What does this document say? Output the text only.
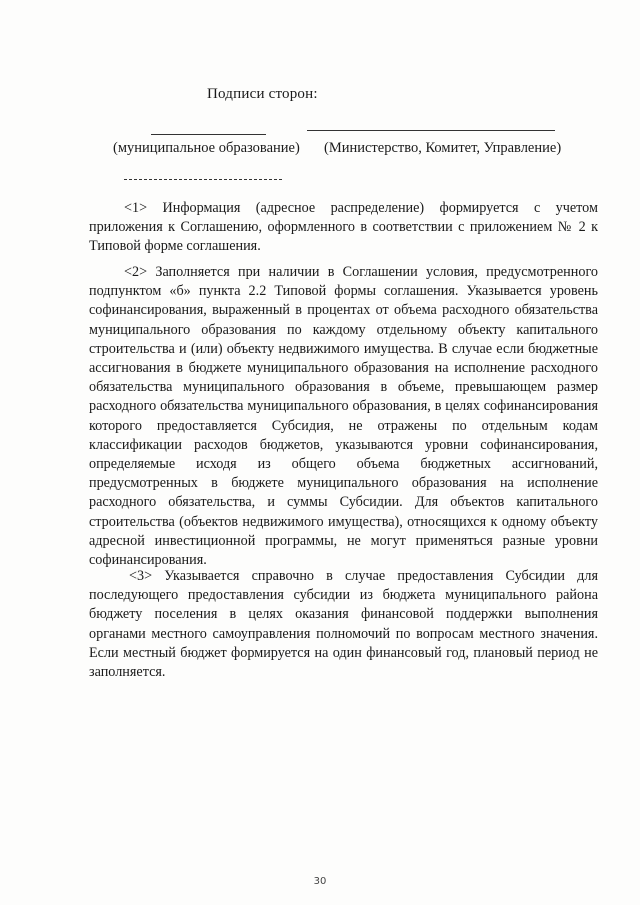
Подписи сторон:
(муниципальное образование) (Министерство, Комитет, Управление)

<1> Информация (адресное распределение) формируется с учетом приложения к Соглашению, оформленного в соответствии с приложением № 2 к Типовой форме соглашения.

<2> Заполняется при наличии в Соглашении условия, предусмотренного подпунктом «б» пункта 2.2 Типовой формы соглашения. Указывается уровень софинансирования, выраженный в процентах от объема расходного обязательства муниципального образования по каждому отдельному объекту капитального строительства и (или) объекту недвижимого имущества. В случае если бюджетные ассигнования в бюджете муниципального образования на исполнение расходного обязательства муниципального образования в объеме, превышающем размер расходного обязательства муниципального образования, в целях софинансирования которого предоставляется Субсидия, не отражены по отдельным кодам классификации расходов бюджетов, указываются уровни софинансирования, определяемые исходя из общего объема бюджетных ассигнований, предусмотренных в бюджете муниципального образования на исполнение расходного обязательства, и суммы Субсидии. Для объектов капитального строительства (объектов недвижимого имущества), относящихся к одному объекту адресной инвестиционной программы, не могут применяться разные уровни софинансирования.

<3> Указывается справочно в случае предоставления Субсидии для последующего предоставления субсидии из бюджета муниципального района бюджету поселения в целях оказания финансовой поддержки выполнения органами местного самоуправления полномочий по вопросам местного значения. Если местный бюджет формируется на один финансовый год, плановый период не заполняется.

30
